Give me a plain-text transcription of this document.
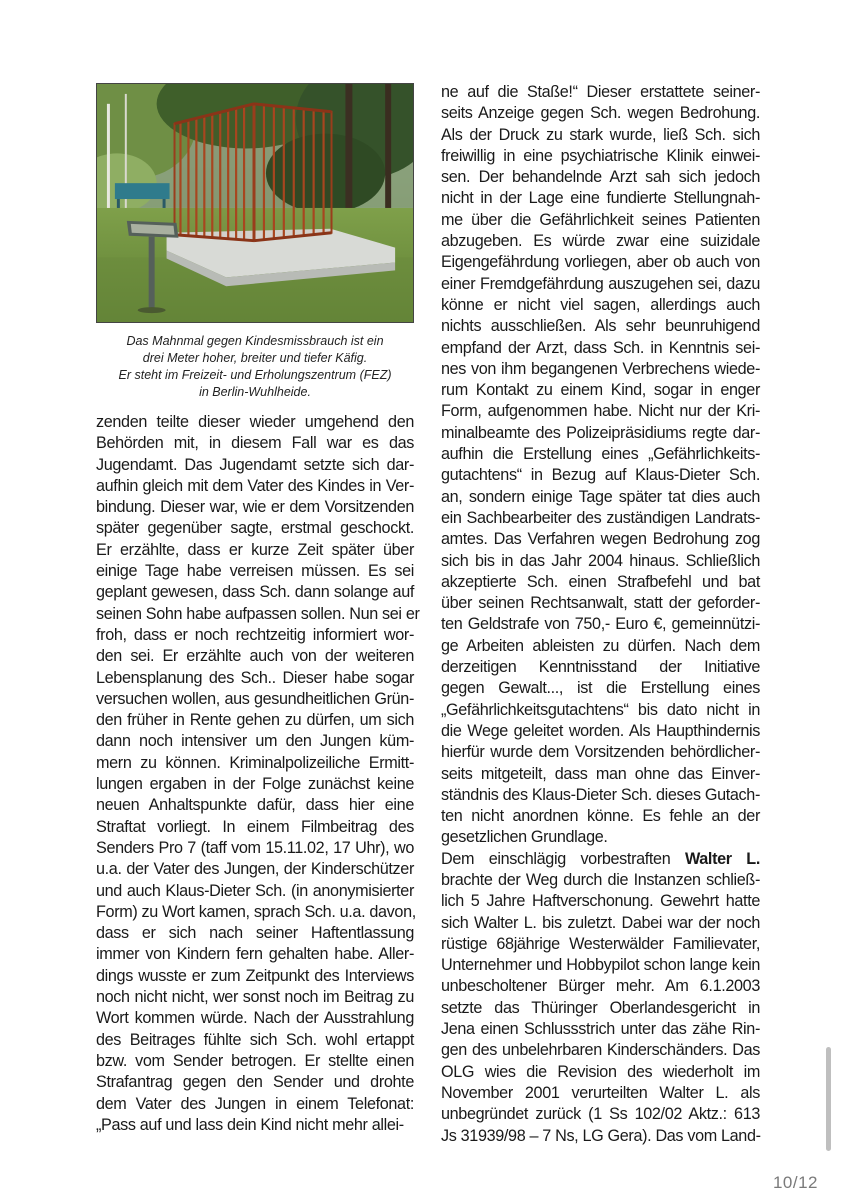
Das Mahnmal gegen Kindesmissbrauch ist ein
drei Meter hoher, breiter und tiefer Käfig.
Er steht im Freizeit- und Erholungszentrum (FEZ)
in Berlin-Wuhlheide.
zenden teilte dieser wieder umgehend den
Behörden mit, in diesem Fall war es das
Jugendamt. Das Jugendamt setzte sich dar-
aufhin gleich mit dem Vater des Kindes in Ver-
bindung. Dieser war, wie er dem Vorsitzenden
später gegenüber sagte, erstmal geschockt.
Er erzählte, dass er kurze Zeit später über
einige Tage habe verreisen müssen. Es sei
geplant gewesen, dass Sch. dann solange auf
seinen Sohn habe aufpassen sollen. Nun sei er
froh, dass er noch rechtzeitig informiert wor-
den sei. Er erzählte auch von der weiteren
Lebensplanung des Sch.. Dieser habe sogar
versuchen wollen, aus gesundheitlichen Grün-
den früher in Rente gehen zu dürfen, um sich
dann noch intensiver um den Jungen küm-
mern zu können. Kriminalpolizeiliche Ermitt-
lungen ergaben in der Folge zunächst keine
neuen Anhaltspunkte dafür, dass hier eine
Straftat vorliegt. In einem Filmbeitrag des
Senders Pro 7 (taff vom 15.11.02, 17 Uhr), wo
u.a. der Vater des Jungen, der Kinderschützer
und auch Klaus-Dieter Sch. (in anonymisierter
Form) zu Wort kamen, sprach Sch. u.a. davon,
dass er sich nach seiner Haftentlassung
immer von Kindern fern gehalten habe. Aller-
dings wusste er zum Zeitpunkt des Interviews
noch nicht nicht, wer sonst noch im Beitrag zu
Wort kommen würde. Nach der Ausstrahlung
des Beitrages fühlte sich Sch. wohl ertappt
bzw. vom Sender betrogen. Er stellte einen
Strafantrag gegen den Sender und drohte
dem Vater des Jungen in einem Telefonat:
„Pass auf und lass dein Kind nicht mehr allei-
ne auf die Staße!“ Dieser erstattete seiner-
seits Anzeige gegen Sch. wegen Bedrohung.
Als der Druck zu stark wurde, ließ Sch. sich
freiwillig in eine psychiatrische Klinik einwei-
sen. Der behandelnde Arzt sah sich jedoch
nicht in der Lage eine fundierte Stellungnah-
me über die Gefährlichkeit seines Patienten
abzugeben. Es würde zwar eine suizidale
Eigengefährdung vorliegen, aber ob auch von
einer Fremdgefährdung auszugehen sei, dazu
könne er nicht viel sagen, allerdings auch
nichts ausschließen. Als sehr beunruhigend
empfand der Arzt, dass Sch. in Kenntnis sei-
nes von ihm begangenen Verbrechens wiede-
rum Kontakt zu einem Kind, sogar in enger
Form, aufgenommen habe. Nicht nur der Kri-
minalbeamte des Polizeipräsidiums regte dar-
aufhin die Erstellung eines „Gefährlichkeits-
gutachtens“ in Bezug auf Klaus-Dieter Sch.
an, sondern einige Tage später tat dies auch
ein Sachbearbeiter des zuständigen Landrats-
amtes. Das Verfahren wegen Bedrohung zog
sich bis in das Jahr 2004 hinaus. Schließlich
akzeptierte Sch. einen Strafbefehl und bat
über seinen Rechtsanwalt, statt der geforder-
ten Geldstrafe von 750,- Euro €, gemeinnützi-
ge Arbeiten ableisten zu dürfen. Nach dem
derzeitigen Kenntnisstand der Initiative
gegen Gewalt..., ist die Erstellung eines
„Gefährlichkeitsgutachtens“ bis dato nicht in
die Wege geleitet worden. Als Haupthindernis
hierfür wurde dem Vorsitzenden behördlicher-
seits mitgeteilt, dass man ohne das Einver-
ständnis des Klaus-Dieter Sch. dieses Gutach-
ten nicht anordnen könne. Es fehle an der
gesetzlichen Grundlage.
Dem einschlägig vorbestraften Walter L.
brachte der Weg durch die Instanzen schließ-
lich 5 Jahre Haftverschonung. Gewehrt hatte
sich Walter L. bis zuletzt. Dabei war der noch
rüstige 68jährige Westerwälder Familievater,
Unternehmer und Hobbypilot schon lange kein
unbescholtener Bürger mehr. Am 6.1.2003
setzte das Thüringer Oberlandesgericht in
Jena einen Schlussstrich unter das zähe Rin-
gen des unbelehrbaren Kinderschänders. Das
OLG wies die Revision des wiederholt im
November 2001 verurteilten Walter L. als
unbegründet zurück (1 Ss 102/02 Aktz.: 613
Js 31939/98 – 7 Ns, LG Gera). Das vom Land-
10/12
